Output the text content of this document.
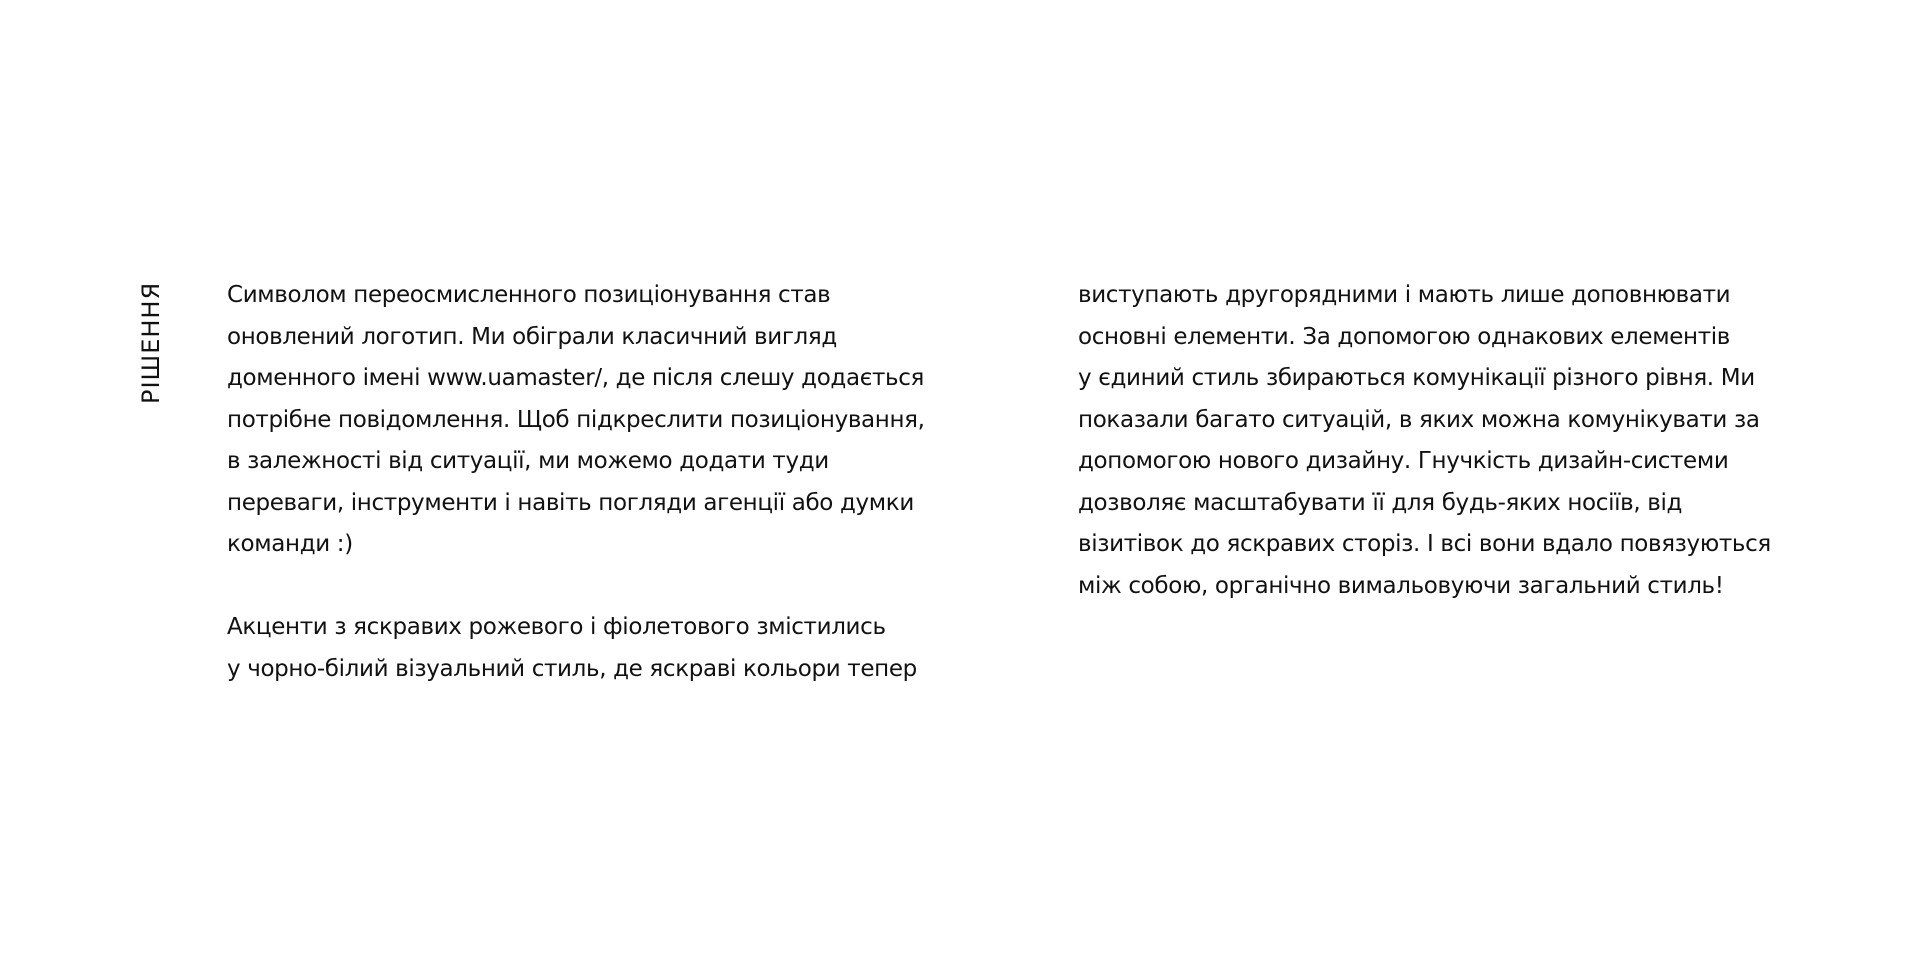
РІШЕННЯ	Символом переосмисленного позиціонування став
оновлений логотип. Ми обіграли класичний вигляд
доменного імені www.uamaster/, де після слешу додається
потрібне повідомлення. Щоб підкреслити позиціонування,
в залежності від ситуації, ми можемо додати туди
переваги, інструменти і навіть погляди агенції або думки
команди :)
Акценти з яскравих рожевого і фіолетового змістились
у чорно-білий візуальний стиль, де яскраві кольори тепер
виступають другорядними і мають лише доповнювати
основні елементи. За допомогою однакових елементів
у єдиний стиль збираються комунікації різного рівня. Ми
показали багато ситуацій, в яких можна комунікувати за
допомогою нового дизайну. Гнучкість дизайн-системи
дозволяє масштабувати її для будь-яких носіїв, від
візитівок до яскравих сторіз. І всі вони вдало повязуються
між собою, органічно вимальовуючи загальний стиль!
